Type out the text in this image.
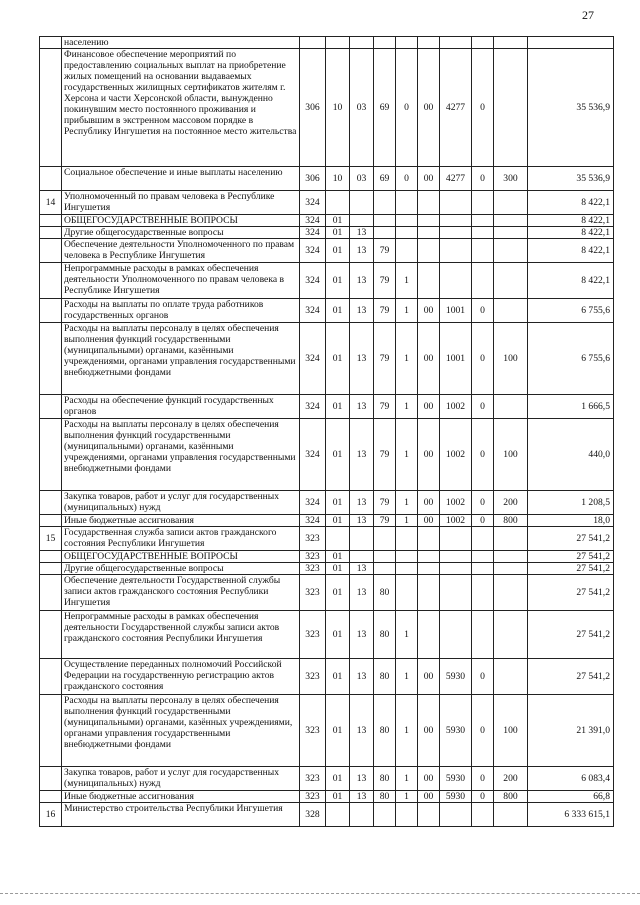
27
	населению										
	Финансовое обеспечение мероприятий по предоставлению социальных выплат на приобретение жилых помещений на основании выдаваемых государственных жилищных сертификатов жителям г. Херсона и части Херсонской области, вынужденно покинувшим место постоянного проживания и прибывшим в экстренном массовом порядке в Республику Ингушетия на постоянное место жительства	306	10	03	69	0	00	4277	0		35 536,9
	Социальное обеспечение и иные выплаты населению	306	10	03	69	0	00	4277	0	300	35 536,9
14	Уполномоченный по правам человека в Республике Ингушетия	324									8 422,1
	ОБЩЕГОСУДАРСТВЕННЫЕ ВОПРОСЫ	324	01								8 422,1
	Другие общегосударственные вопросы	324	01	13							8 422,1
	Обеспечение деятельности Уполномоченного по правам человека в Республике Ингушетия	324	01	13	79						8 422,1
	Непрограммные расходы в рамках обеспечения деятельности Уполномоченного по правам человека в Республике Ингушетия	324	01	13	79	1					8 422,1
	Расходы на выплаты по оплате труда работников государственных органов	324	01	13	79	1	00	1001	0		6 755,6
	Расходы на выплаты персоналу в целях обеспечения выполнения функций государственными (муниципальными) органами, казёнными учреждениями, органами управления государственными внебюджетными фондами	324	01	13	79	1	00	1001	0	100	6 755,6
	Расходы на обеспечение функций государственных органов	324	01	13	79	1	00	1002	0		1 666,5
	Расходы на выплаты персоналу в целях обеспечения выполнения функций государственными (муниципальными) органами, казёнными учреждениями, органами управления государственными внебюджетными фондами	324	01	13	79	1	00	1002	0	100	440,0
	Закупка товаров, работ и услуг для государственных (муниципальных) нужд	324	01	13	79	1	00	1002	0	200	1 208,5
	Иные бюджетные ассигнования	324	01	13	79	1	00	1002	0	800	18,0
15	Государственная служба записи актов гражданского состояния Республики Ингушетия	323									27 541,2
	ОБЩЕГОСУДАРСТВЕННЫЕ ВОПРОСЫ	323	01								27 541,2
	Другие общегосударственные вопросы	323	01	13							27 541,2
	Обеспечение деятельности Государственной службы записи актов гражданского состояния Республики Ингушетия	323	01	13	80						27 541,2
	Непрограммные расходы в рамках обеспечения деятельности Государственной службы записи актов гражданского состояния Республики Ингушетия	323	01	13	80	1					27 541,2
	Осуществление переданных полномочий Российской Федерации на государственную регистрацию актов гражданского состояния	323	01	13	80	1	00	5930	0		27 541,2
	Расходы на выплаты персоналу в целях обеспечения выполнения функций государственными (муниципальными) органами, казённых учреждениями, органами управления государственными внебюджетными фондами	323	01	13	80	1	00	5930	0	100	21 391,0
	Закупка товаров, работ и услуг для государственных (муниципальных) нужд	323	01	13	80	1	00	5930	0	200	6 083,4
	Иные бюджетные ассигнования	323	01	13	80	1	00	5930	0	800	66,8
16	Министерство строительства Республики Ингушетия	328									6 333 615,1
